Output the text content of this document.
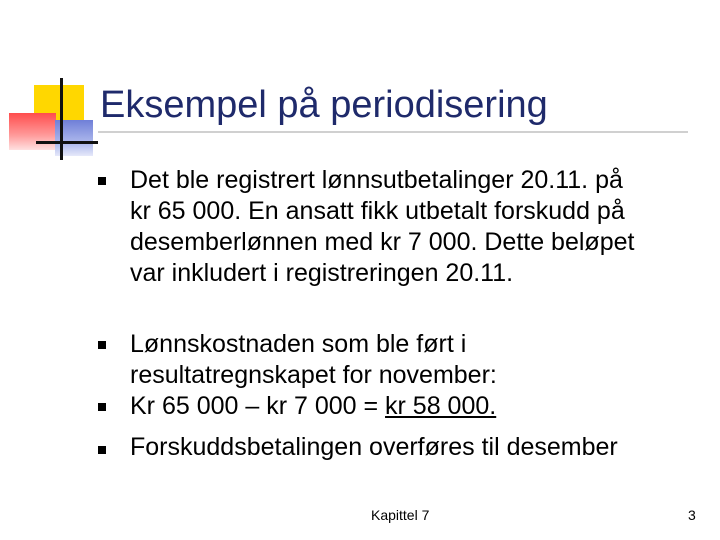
Eksempel på periodisering
Det ble registrert lønnsutbetalinger 20.11. på
kr 65 000. En ansatt fikk utbetalt forskudd på
desemberlønnen med kr 7 000. Dette beløpet
var inkludert i registreringen 20.11.
Lønnskostnaden som ble ført i
resultatregnskapet for november:
Kr 65 000 – kr 7 000 = kr 58 000.
Forskuddsbetalingen overføres til desember
Kapittel 7	3
